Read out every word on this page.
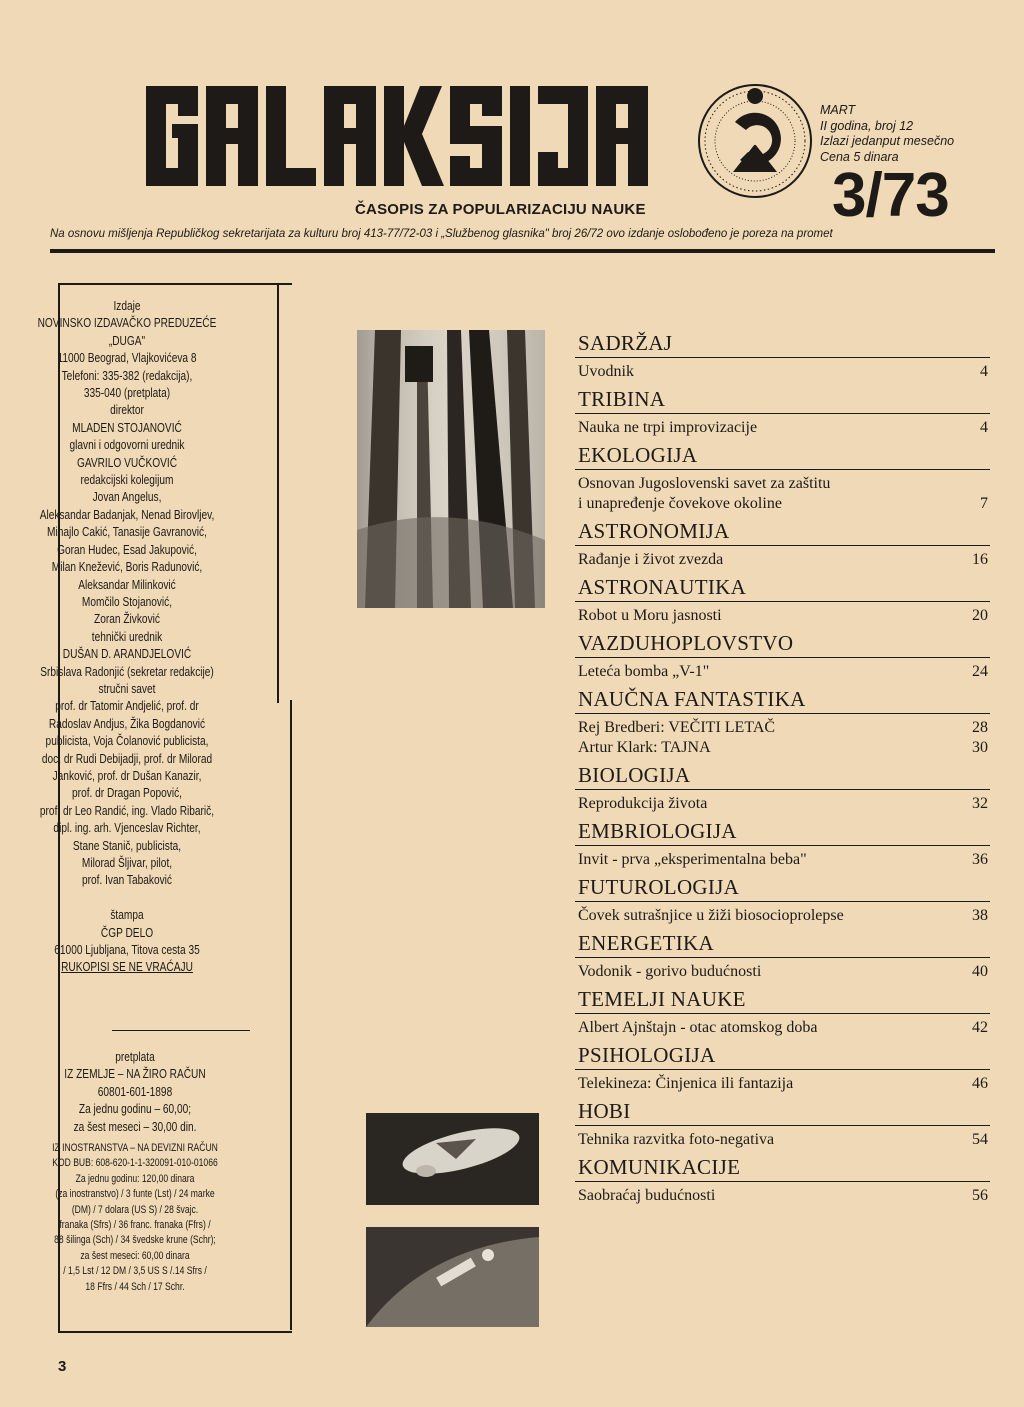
ČASOPIS ZA POPULARIZACIJU NAUKE
MART
II godina, broj 12
Izlazi jedanput mesečno
Cena 5 dinara
3/73
Na osnovu mišljenja Republičkog sekretarijata za kulturu broj 413-77/72-03 i „Službenog glasnika" broj 26/72 ovo izdanje oslobođeno je poreza na promet
Izdaje
NOVINSKO IZDAVAČKO PREDUZEĆE
„DUGA"
11000 Beograd, Vlajkovićeva 8
Telefoni: 335-382 (redakcija),
335-040 (pretplata)
direktor
MLADEN STOJANOVIĆ
glavni i odgovorni urednik
GAVRILO VUČKOVIĆ
redakcijski kolegijum
Jovan Angelus,
Aleksandar Badanjak, Nenad Birovljev,
Mihajlo Cakić, Tanasije Gavranović,
Goran Hudec, Esad Jakupović,
Milan Knežević, Boris Radunović,
Aleksandar Milinković
Momčilo Stojanović,
Zoran Živković
tehnički urednik
DUŠAN D. ARANDJELOVIĆ
Srbislava Radonjić (sekretar redakcije)
stručni savet
prof. dr Tatomir Andjelić, prof. dr
Radoslav Andjus, Žika Bogdanović
publicista, Voja Čolanović publicista,
doc. dr Rudi Debijadji, prof. dr Milorad
Janković, prof. dr Dušan Kanazir,
prof. dr Dragan Popović,
prof. dr Leo Randić, ing. Vlado Ribarič,
dipl. ing. arh. Vjenceslav Richter,
Stane Stanič, publicista,
Milorad Šljivar, pilot,
prof. Ivan Tabaković

štampa
ČGP DELO
61000 Ljubljana, Titova cesta 35
RUKOPISI SE NE VRAĆAJU
pretplata
IZ ZEMLJE – NA ŽIRO RAČUN
60801-601-1898
Za jednu godinu – 60,00;
za šest meseci – 30,00 din.
IZ INOSTRANSTVA – NA DEVIZNI RAČUN
KOD BUB: 608-620-1-1-320091-010-01066
Za jednu godinu: 120,00 dinara
(za inostranstvo) / 3 funte (Lst) / 24 marke
(DM) / 7 dolara (US S) / 28 švajc.
franaka (Sfrs) / 36 franc. franaka (Ffrs) /
88 šilinga (Sch) / 34 švedske krune (Schr);
za šest meseci: 60,00 dinara
/ 1,5 Lst / 12 DM / 3,5 US S /.14 Sfrs /
18 Ffrs / 44 Sch / 17 Schr.
SADRŽAJ
Uvodnik	4
TRIBINA
Nauka ne trpi improvizacije	4
EKOLOGIJA
Osnovan Jugoslovenski savet za zaštitu
i unapređenje čovekove okoline	7
ASTRONOMIJA
Rađanje i život zvezda	16
ASTRONAUTIKA
Robot u Moru jasnosti	20
VAZDUHOPLOVSTVO
Leteća bomba „V-1"	24
NAUČNA FANTASTIKA
Rej Bredberi: VEČITI LETAČ	28
Artur Klark: TAJNA	30
BIOLOGIJA
Reprodukcija života	32
EMBRIOLOGIJA
Invit - prva „eksperimentalna beba"	36
FUTUROLOGIJA
Čovek sutrašnjice u žiži biosocioprolepse	38
ENERGETIKA
Vodonik - gorivo budućnosti	40
TEMELJI NAUKE
Albert Ajnštajn - otac atomskog doba	42
PSIHOLOGIJA
Telekineza: Činjenica ili fantazija	46
HOBI
Tehnika razvitka foto-negativa	54
KOMUNIKACIJE
Saobraćaj budućnosti	56
3
